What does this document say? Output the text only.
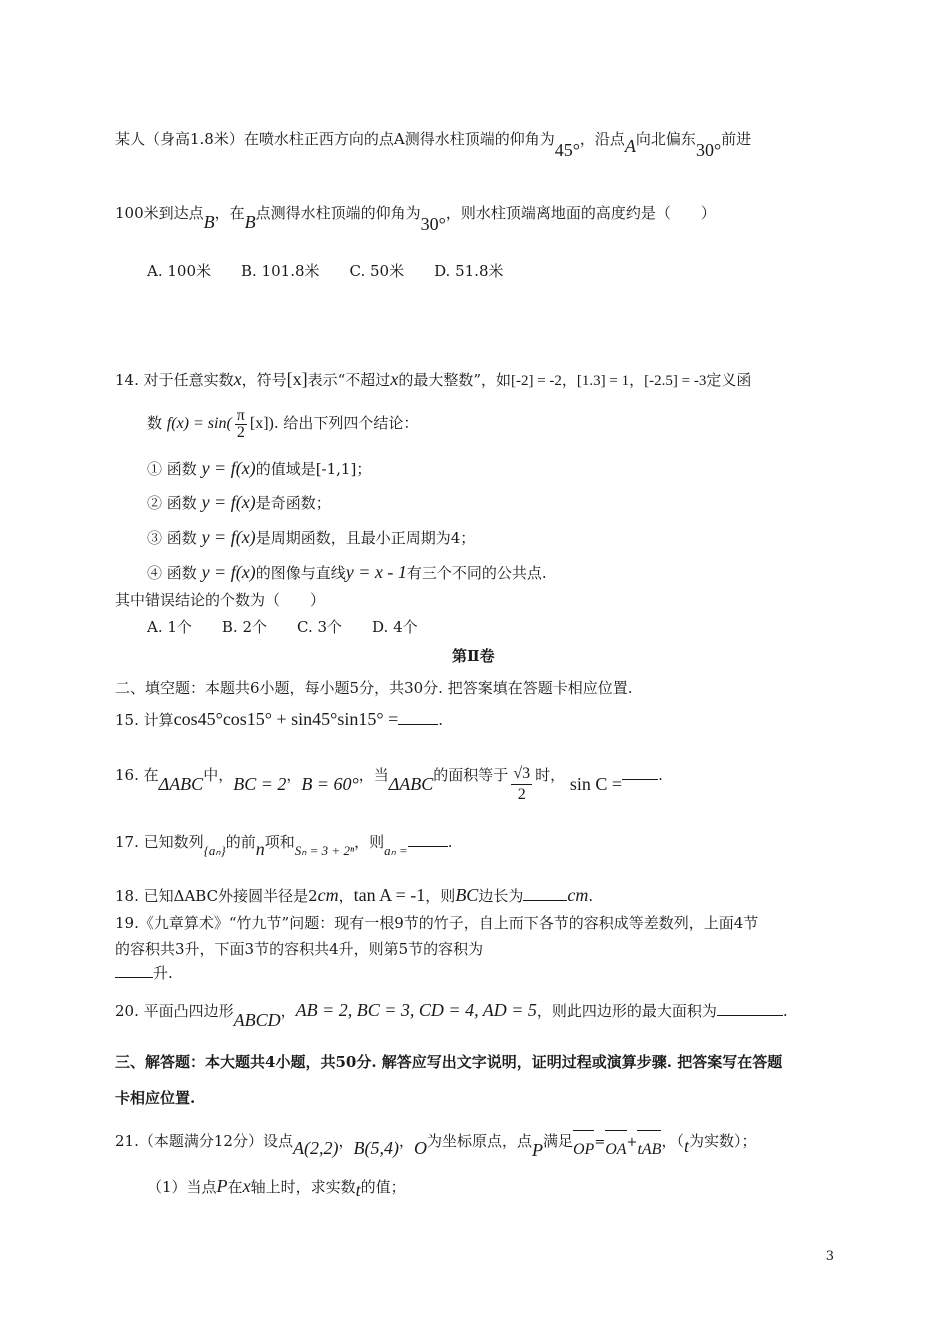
某人（身高1.8米）在喷水柱正西方向的点A测得水柱顶端的仰角为45°，沿点A向北偏东30°前进
100米到达点B，在B点测得水柱顶端的仰角为30°，则水柱顶端离地面的高度约是（　　）
A. 100米　　B. 101.8米　　C. 50米　　D. 51.8米
14. 对于任意实数x，符号[x]表示“不超过x的最大整数”，如[-2] = -2，[1.3] = 1，[-2.5] = -3定义函
数 $f(x) = \sin( \frac{\pi}{2} [x])$. 给出下列四个结论：
① 函数 y = f(x)的值域是[-1,1]；
② 函数 y = f(x)是奇函数；
③ 函数 y = f(x)是周期函数，且最小正周期为4；
④ 函数 y = f(x)的图像与直线y = x - 1有三个不同的公共点.
其中错误结论的个数为（　　）
A. 1个　　B. 2个　　C. 3个　　D. 4个
第Ⅱ卷
二、填空题：本题共6小题，每小题5分，共30分. 把答案填在答题卡相应位置.
15. 计算cos45°cos15° + sin45°sin15° =	.
16. 在ΔABC中，BC = 2，B = 60°，当ΔABC的面积等于 $\frac{√3}{2}$ 时， sin C = .
17. 已知数列{aₙ}的前n项和Sₙ = 3 + 2ⁿ，则aₙ =	.
18. 已知ΔABC外接圆半径是2cm，tan A = -1，则BC边长为 cm.
19.《九章算术》“竹九节”问题：现有一根9节的竹子，自上而下各节的容积成等差数列，上面4节
的容积共3升，下面3节的容积共4升，则第5节的容积为
升.
20. 平面凸四边形ABCD，AB = 2, BC = 3, CD = 4, AD = 5，则此四边形的最大面积为	.
三、解答题：本大题共4小题，共50分. 解答应写出文字说明，证明过程或演算步骤. 把答案写在答题
卡相应位置.
21.（本题满分12分）设点A(2,2)，B(5,4)，O为坐标原点，点P满足OP=OA+tAB，（t为实数）；
（1）当点P在x轴上时，求实数t的值；
3
